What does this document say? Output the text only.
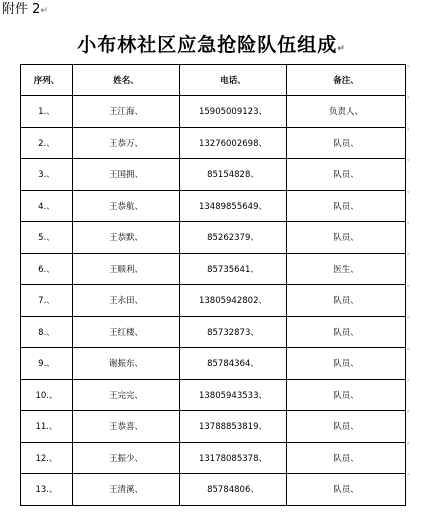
附件 2↵
小布林社区应急抢险队伍组成↵
序列、	姓名、	电话、	备注、
1.、	王江海、	15905009123、	负责人、
2.、	王恭万、	13276002698、	队员、
3.、	王国拥、	85154828、	队员、
4.、	王恭航、	13489855649、	队员、
5.、	王恭默、	85262379、	队员、
6.、	王顺利、	85735641、	医生、
7.、	王永田、	13805942802、	队员、
8.、	王红楼、	85732873、	队员、
9.、	谢振东、	85784364、	队员、
10.、	王完完、	13805943533、	队员、
11.、	王恭喜、	13788853819、	队员、
12.、	王振少、	13178085378、	队员、
13.、	王清溪、	85784806、	队员、
'
'
'
'
'
'
'
'
'
'
'
'
'
'
